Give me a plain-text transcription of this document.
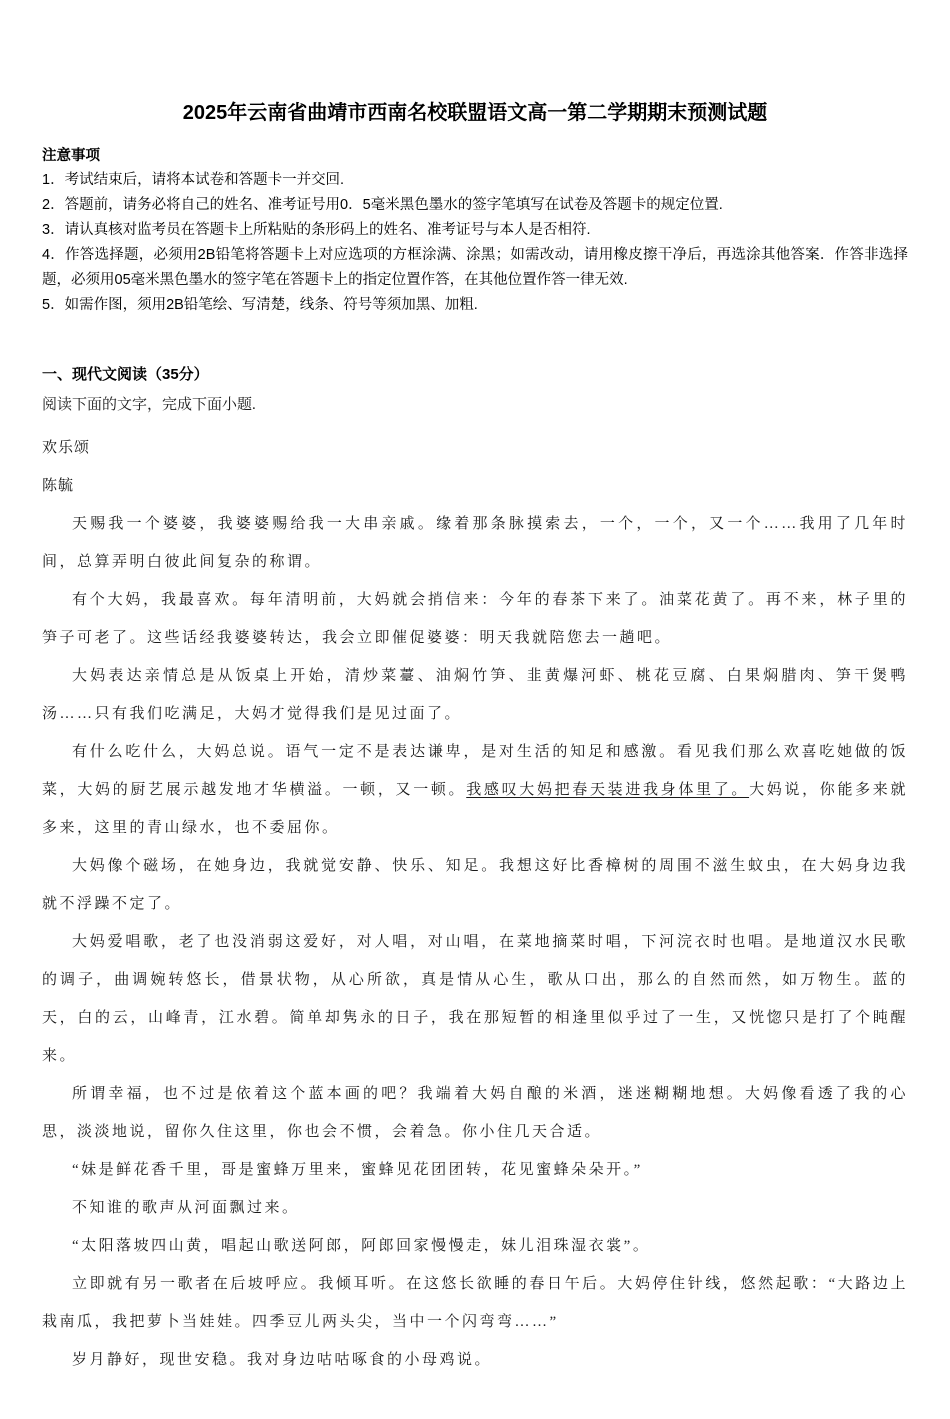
2025年云南省曲靖市西南名校联盟语文高一第二学期期末预测试题
注意事项

1．考试结束后，请将本试卷和答题卡一并交回.

2．答题前，请务必将自己的姓名、准考证号用0．5毫米黑色墨水的签字笔填写在试卷及答题卡的规定位置.

3．请认真核对监考员在答题卡上所粘贴的条形码上的姓名、准考证号与本人是否相符.

4．作答选择题，必须用2B铅笔将答题卡上对应选项的方框涂满、涂黑；如需改动，请用橡皮擦干净后，再选涂其他答案．作答非选择题，必须用05毫米黑色墨水的签字笔在答题卡上的指定位置作答，在其他位置作答一律无效.

5．如需作图，须用2B铅笔绘、写清楚，线条、符号等须加黑、加粗.

一、现代文阅读（35分）

阅读下面的文字，完成下面小题.

欢乐颂

陈毓

天赐我一个婆婆，我婆婆赐给我一大串亲戚。缘着那条脉摸索去，一个，一个，又一个……我用了几年时间，总算弄明白彼此间复杂的称谓。

有个大妈，我最喜欢。每年清明前，大妈就会捎信来：今年的春茶下来了。油菜花黄了。再不来，林子里的笋子可老了。这些话经我婆婆转达，我会立即催促婆婆：明天我就陪您去一趟吧。

大妈表达亲情总是从饭桌上开始，清炒菜薹、油焖竹笋、韭黄爆河虾、桃花豆腐、白果焖腊肉、笋干煲鸭汤……只有我们吃满足，大妈才觉得我们是见过面了。

有什么吃什么，大妈总说。语气一定不是表达谦卑，是对生活的知足和感激。看见我们那么欢喜吃她做的饭菜，大妈的厨艺展示越发地才华横溢。一顿，又一顿。我感叹大妈把春天装进我身体里了。大妈说，你能多来就多来，这里的青山绿水，也不委屈你。

大妈像个磁场，在她身边，我就觉安静、快乐、知足。我想这好比香樟树的周围不滋生蚊虫，在大妈身边我就不浮躁不定了。

大妈爱唱歌，老了也没消弱这爱好，对人唱，对山唱，在菜地摘菜时唱，下河浣衣时也唱。是地道汉水民歌的调子，曲调婉转悠长，借景状物，从心所欲，真是情从心生，歌从口出，那么的自然而然，如万物生。蓝的天，白的云，山峰青，江水碧。简单却隽永的日子，我在那短暂的相逢里似乎过了一生，又恍惚只是打了个盹醒来。

所谓幸福，也不过是依着这个蓝本画的吧？我端着大妈自酿的米酒，迷迷糊糊地想。大妈像看透了我的心思，淡淡地说，留你久住这里，你也会不惯，会着急。你小住几天合适。

“妹是鲜花香千里，哥是蜜蜂万里来，蜜蜂见花团团转，花见蜜蜂朵朵开。”

不知谁的歌声从河面飘过来。

“太阳落坡四山黄，唱起山歌送阿郎，阿郎回家慢慢走，妹儿泪珠湿衣裳”。

立即就有另一歌者在后坡呼应。我倾耳听。在这悠长欲睡的春日午后。大妈停住针线，悠然起歌：“大路边上栽南瓜，我把萝卜当娃娃。四季豆儿两头尖，当中一个闪弯弯……”

岁月静好，现世安稳。我对身边咕咕啄食的小母鸡说。
